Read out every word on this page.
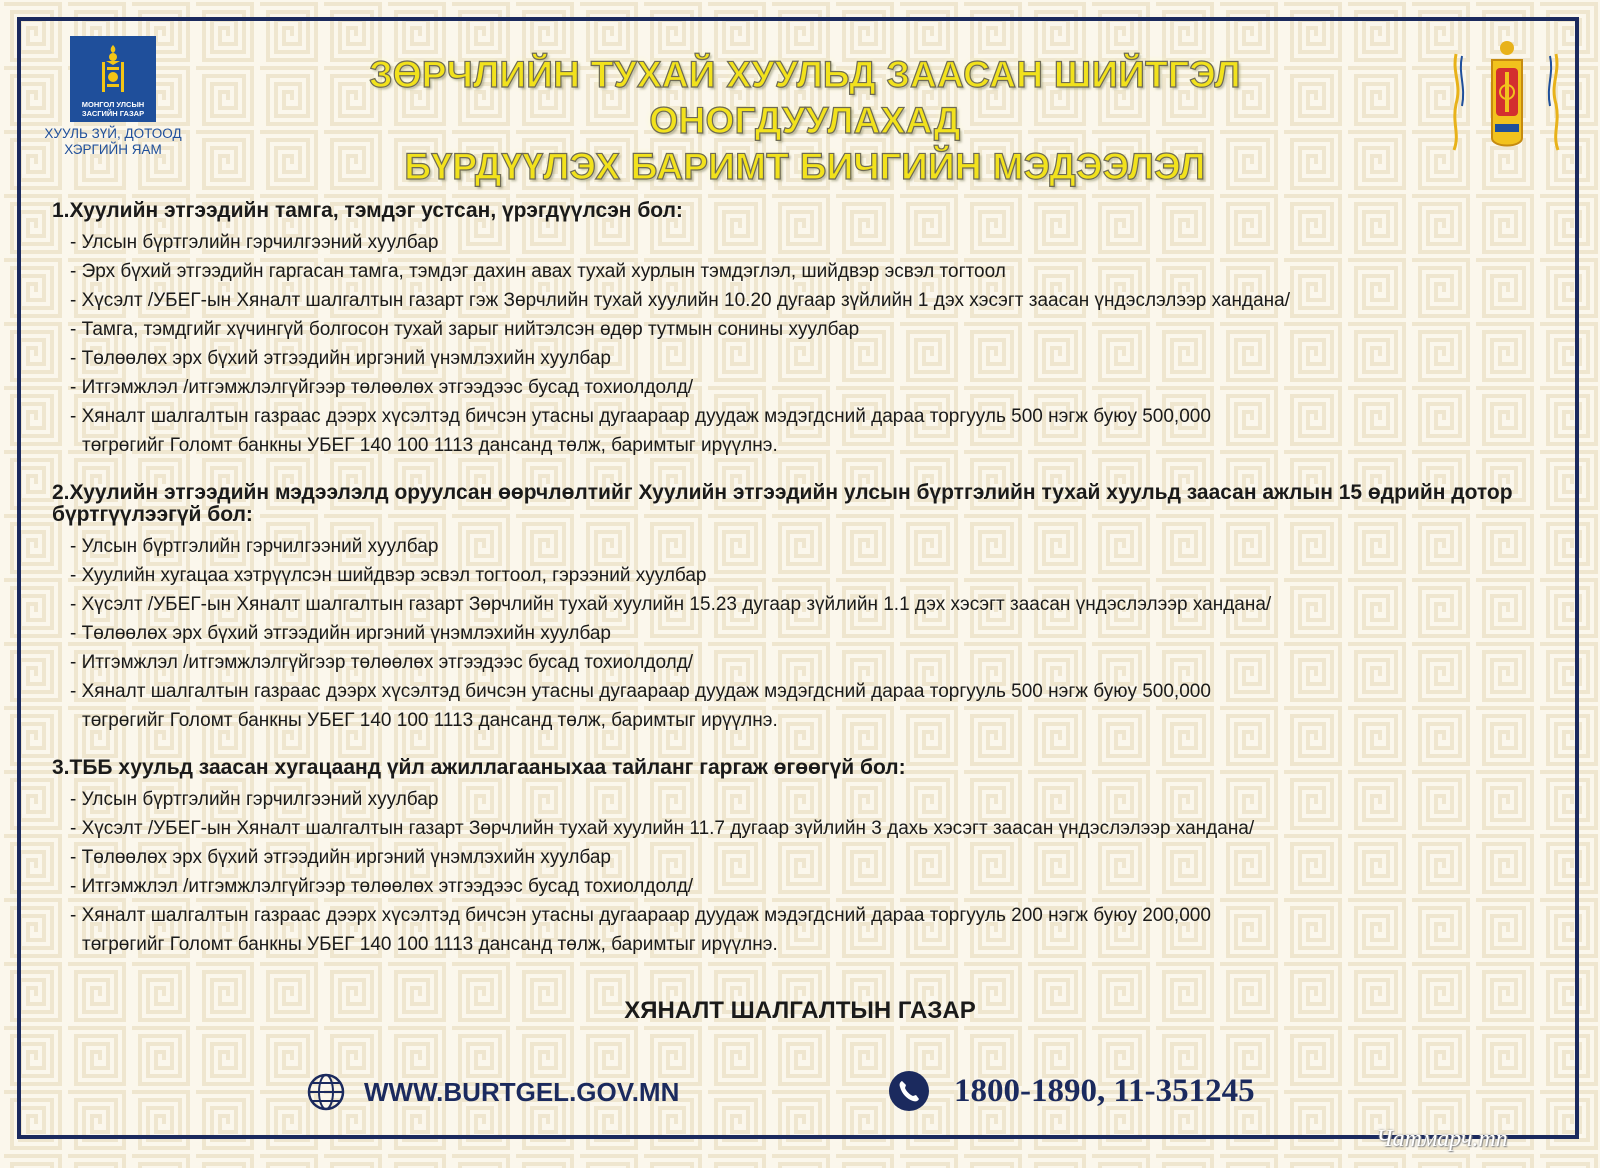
МОНГОЛ УЛСЫН
ЗАСГИЙН ГАЗАР
ХУУЛЬ ЗҮЙ, ДОТООД
ХЭРГИЙН ЯАМ
ЗӨРЧЛИЙН ТУХАЙ ХУУЛЬД ЗААСАН ШИЙТГЭЛ ОНОГДУУЛАХАД
БҮРДҮҮЛЭХ БАРИМТ БИЧГИЙН МЭДЭЭЛЭЛ
1.Хуулийн этгээдийн тамга, тэмдэг устсан, үрэгдүүлсэн бол:
- Улсын бүртгэлийн гэрчилгээний хуулбар
- Эрх бүхий этгээдийн гаргасан тамга, тэмдэг дахин авах тухай хурлын тэмдэглэл, шийдвэр эсвэл тогтоол
- Хүсэлт /УБЕГ-ын Хяналт шалгалтын газарт гэж Зөрчлийн тухай хуулийн 10.20 дугаар зүйлийн 1 дэх хэсэгт заасан үндэслэлээр хандана/
- Тамга, тэмдгийг хүчингүй болгосон тухай зарыг нийтэлсэн өдөр тутмын сонины хуулбар
- Төлөөлөх эрх бүхий этгээдийн иргэний үнэмлэхийн хуулбар
- Итгэмжлэл /итгэмжлэлгүйгээр төлөөлөх этгээдээс бусад тохиолдолд/
- Хяналт шалгалтын газраас дээрх хүсэлтэд бичсэн утасны дугаараар дуудаж мэдэгдсний дараа торгууль 500 нэгж буюу 500,000
төгрөгийг Голомт банкны УБЕГ 140 100 1113 дансанд төлж, баримтыг ирүүлнэ.
2.Хуулийн этгээдийн мэдээлэлд оруулсан өөрчлөлтийг Хуулийн этгээдийн улсын бүртгэлийн тухай хуульд заасан ажлын 15 өдрийн дотор бүртгүүлээгүй бол:
- Улсын бүртгэлийн гэрчилгээний хуулбар
- Хуулийн хугацаа хэтрүүлсэн шийдвэр эсвэл тогтоол, гэрээний хуулбар
- Хүсэлт /УБЕГ-ын Хяналт шалгалтын газарт Зөрчлийн тухай хуулийн 15.23 дугаар зүйлийн 1.1 дэх хэсэгт заасан үндэслэлээр хандана/
- Төлөөлөх эрх бүхий этгээдийн иргэний үнэмлэхийн хуулбар
- Итгэмжлэл /итгэмжлэлгүйгээр төлөөлөх этгээдээс бусад тохиолдолд/
- Хяналт шалгалтын газраас дээрх хүсэлтэд бичсэн утасны дугаараар дуудаж мэдэгдсний дараа торгууль 500 нэгж буюу 500,000
төгрөгийг Голомт банкны УБЕГ 140 100 1113 дансанд төлж, баримтыг ирүүлнэ.
3.ТББ хуульд заасан хугацаанд үйл ажиллагааныхаа тайланг гаргаж өгөөгүй бол:
- Улсын бүртгэлийн гэрчилгээний хуулбар
- Хүсэлт /УБЕГ-ын Хяналт шалгалтын газарт Зөрчлийн тухай хуулийн 11.7 дугаар зүйлийн 3 дахь хэсэгт заасан үндэслэлээр хандана/
- Төлөөлөх эрх бүхий этгээдийн иргэний үнэмлэхийн хуулбар
- Итгэмжлэл /итгэмжлэлгүйгээр төлөөлөх этгээдээс бусад тохиолдолд/
- Хяналт шалгалтын газраас дээрх хүсэлтэд бичсэн утасны дугаараар дуудаж мэдэгдсний дараа торгууль 200 нэгж буюу 200,000
төгрөгийг Голомт банкны УБЕГ 140 100 1113 дансанд төлж, баримтыг ирүүлнэ.
ХЯНАЛТ ШАЛГАЛТЫН ГАЗАР
WWW.BURTGEL.GOV.MN	1800-1890, 11-351245
Чатмарч.mn
